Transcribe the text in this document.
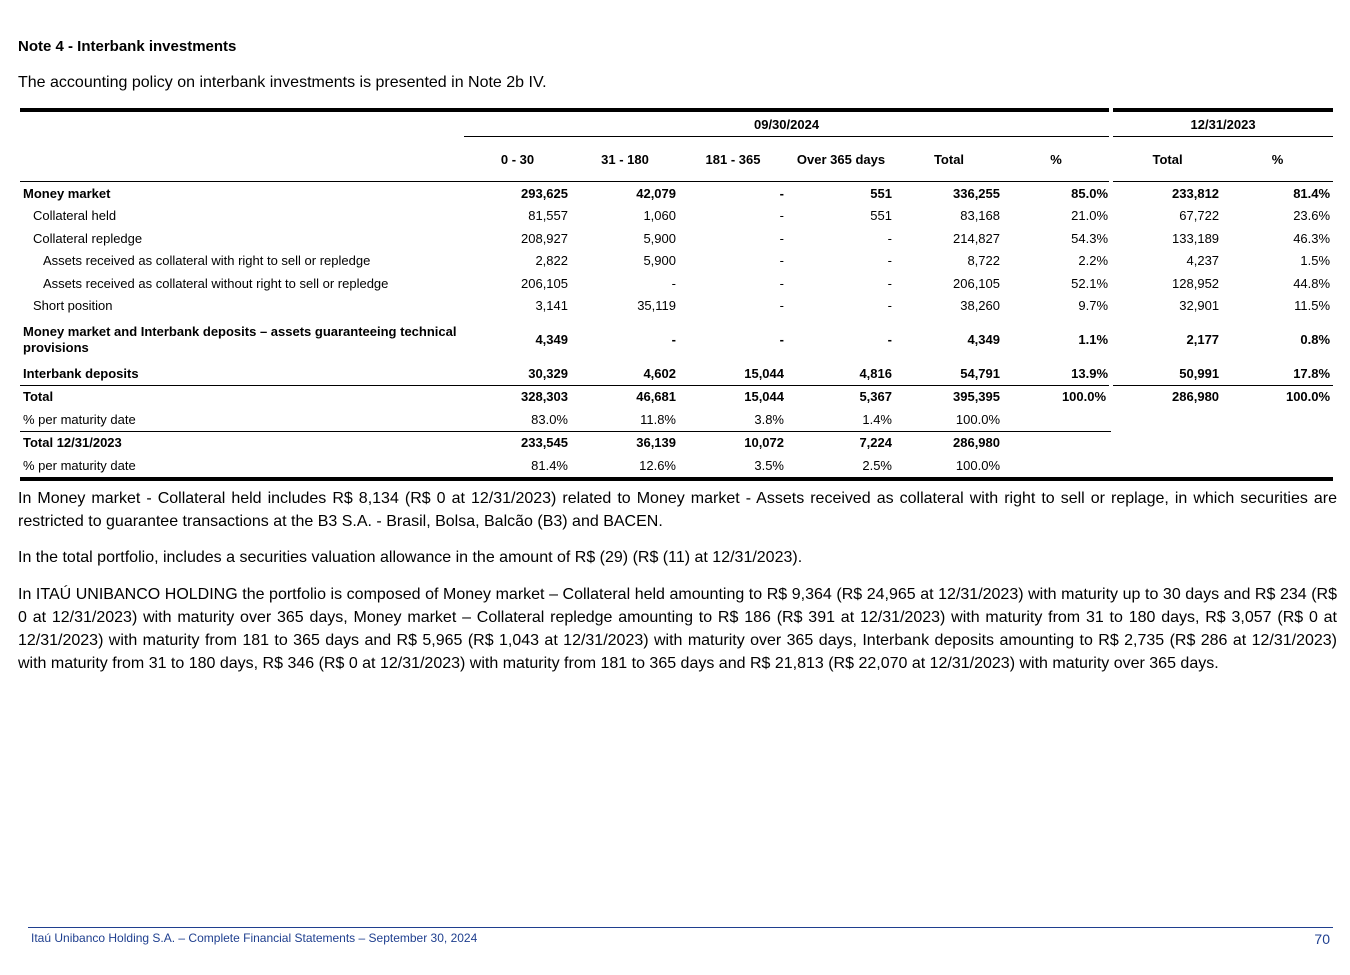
Note 4 - Interbank investments
The accounting policy on interbank investments is presented in Note 2b IV.
	09/30/2024						12/31/2023	
	0 - 30	31 - 180	181 - 365	Over 365 days	Total	%	Total	%
Money market	293,625	42,079	-	551	336,255	85.0%	233,812	81.4%
Collateral held	81,557	1,060	-	551	83,168	21.0%	67,722	23.6%
Collateral repledge	208,927	5,900	-	-	214,827	54.3%	133,189	46.3%
Assets received as collateral with right to sell or repledge	2,822	5,900	-	-	8,722	2.2%	4,237	1.5%
Assets received as collateral without right to sell or repledge	206,105	-	-	-	206,105	52.1%	128,952	44.8%
Short position	3,141	35,119	-	-	38,260	9.7%	32,901	11.5%
Money market and Interbank deposits – assets guaranteeing technical provisions	4,349	-	-	-	4,349	1.1%	2,177	0.8%
Interbank deposits	30,329	4,602	15,044	4,816	54,791	13.9%	50,991	17.8%
Total	328,303	46,681	15,044	5,367	395,395	100.0%	286,980	100.0%
% per maturity date	83.0%	11.8%	3.8%	1.4%	100.0%			
Total 12/31/2023	233,545	36,139	10,072	7,224	286,980			
% per maturity date	81.4%	12.6%	3.5%	2.5%	100.0%			

In Money market - Collateral held includes R$ 8,134 (R$ 0 at 12/31/2023) related to Money market - Assets received as collateral with right to sell or replage, in which securities are restricted to guarantee transactions at the B3 S.A. - Brasil, Bolsa, Balcão (B3) and BACEN.

In the total portfolio, includes a securities valuation allowance in the amount of R$ (29) (R$ (11) at 12/31/2023).

In ITAÚ UNIBANCO HOLDING the portfolio is composed of Money market – Collateral held amounting to R$ 9,364 (R$ 24,965 at 12/31/2023) with maturity up to 30 days and R$ 234 (R$ 0 at 12/31/2023) with maturity over 365 days, Money market – Collateral repledge amounting to R$ 186 (R$ 391 at 12/31/2023) with maturity from 31 to 180 days, R$ 3,057 (R$ 0 at 12/31/2023) with maturity from 181 to 365 days and R$ 5,965 (R$ 1,043 at 12/31/2023) with maturity over 365 days, Interbank deposits amounting to R$ 2,735 (R$ 286 at 12/31/2023) with maturity from 31 to 180 days, R$ 346 (R$ 0 at 12/31/2023) with maturity from 181 to 365 days and R$ 21,813 (R$ 22,070 at 12/31/2023) with maturity over 365 days.

Itaú Unibanco Holding S.A. – Complete Financial Statements – September 30, 2024	70
